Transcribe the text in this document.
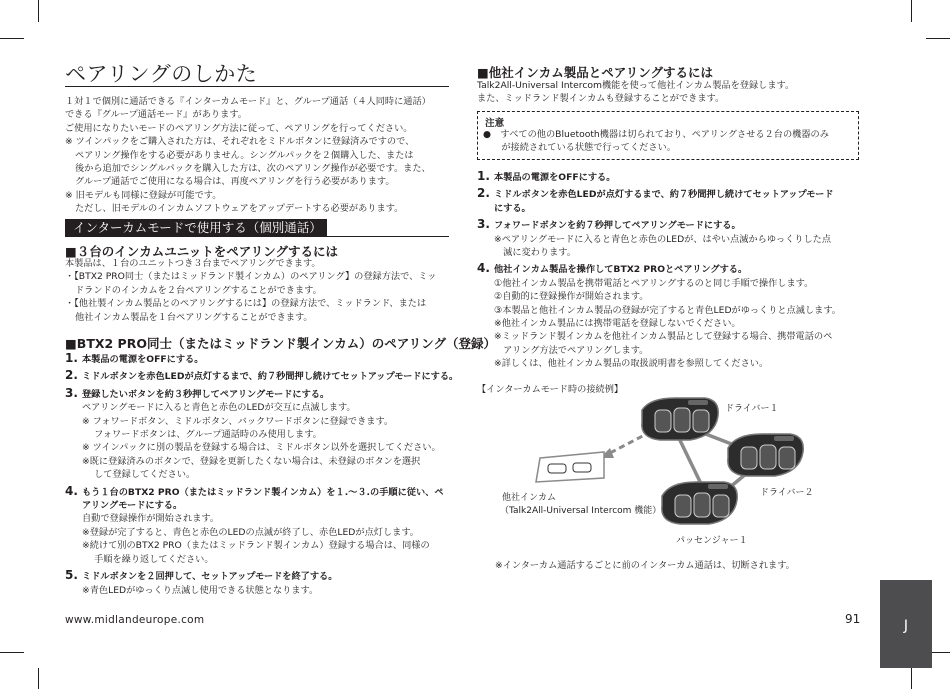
ペアリングのしかた
１対１で個別に通話できる『インターカムモード』と、グループ通話（４人同時に通話）
できる『グループ通話モード』があります。
ご使用になりたいモードのペアリング方法に従って、ペアリングを行ってください。
※ ツインパックをご購入された方は、それぞれをミドルボタンに登録済みですので、
ペアリング操作をする必要がありません。シングルパックを２個購入した、または
後から追加でシングルパックを購入した方は、次のペアリング操作が必要です。また、
グループ通話でご使用になる場合は、再度ペアリングを行う必要があります。
※ 旧モデルも同様に登録が可能です。
ただし、旧モデルのインカムソフトウェアをアップデートする必要があります。
インターカムモードで使用する（個別通話）
■３台のインカムユニットをペアリングするには
本製品は、１台のユニットつき３台までペアリングできます。
・【BTX2 PRO同士（またはミッドランド製インカム）のペアリング】の登録方法で、ミッ
ドランドのインカムを２台ペアリングすることができます。
・【他社製インカム製品とのペアリングするには】の登録方法で、ミッドランド、または
他社インカム製品を１台ペアリングすることができます。
■BTX2 PRO同士（またはミッドランド製インカム）のペアリング（登録）
1. 本製品の電源をOFFにする。
2. ミドルボタンを赤色LEDが点灯するまで、約７秒間押し続けてセットアップモードにする。
3. 登録したいボタンを約３秒押してペアリングモードにする。
ペアリングモードに入ると青色と赤色のLEDが交互に点滅します。
※ フォワードボタン、ミドルボタン、バックワードボタンに登録できます。
　 フォワードボタンは、グループ通話時のみ使用します。
※ ツインパックに別の製品を登録する場合は、ミドルボタン以外を選択してください。
※既に登録済みのボタンで、登録を更新したくない場合は、未登録のボタンを選択
　 して登録してください。
4. もう１台のBTX2 PRO（またはミッドランド製インカム）を１.～３.の手順に従い、ペ
アリングモードにする。
自動で登録操作が開始されます。
※登録が完了すると、青色と赤色のLEDの点滅が終了し、赤色LEDが点灯します。
※続けて別のBTX2 PRO（またはミッドランド製インカム）登録する場合は、同様の
　 手順を繰り返してください。
5. ミドルボタンを２回押して、セットアップモードを終了する。
※青色LEDがゆっくり点滅し使用できる状態となります。
■他社インカム製品とペアリングするには
Talk2All-Universal Intercom機能を使って他社インカム製品を登録します。
また、ミッドランド製インカムも登録することができます。
注意
●　すべての他のBluetooth機器は切られており、ペアリングさせる２台の機器のみ
　　が接続されている状態で行ってください。
1. 本製品の電源をOFFにする。
2. ミドルボタンを赤色LEDが点灯するまで、約７秒間押し続けてセットアップモード
にする。
3. フォワードボタンを約７秒押してペアリングモードにする。
※ペアリングモードに入ると青色と赤色のLEDが、はやい点滅からゆっくりした点
　滅に変わります。
4. 他社インカム製品を操作してBTX2 PROとペアリングする。
①他社インカム製品を携帯電話とペアリングするのと同じ手順で操作します。
②自動的に登録操作が開始されます。
③本製品と他社インカム製品の登録が完了すると青色LEDがゆっくりと点滅します。
※他社インカム製品には携帯電話を登録しないでください。
※ミッドランド製インカムを他社インカム製品として登録する場合、携帯電話のペ
　アリング方法でペアリングします。
※詳しくは、他社インカム製品の取扱説明書を参照してください。
【インターカムモード時の接続例】
ドライバー１
ドライバー２
パッセンジャー１
他社インカム
（Talk2All-Universal Intercom 機能）
※インターカム通話するごとに前のインターカム通話は、切断されます。
www.midlandeurope.com	91	J
